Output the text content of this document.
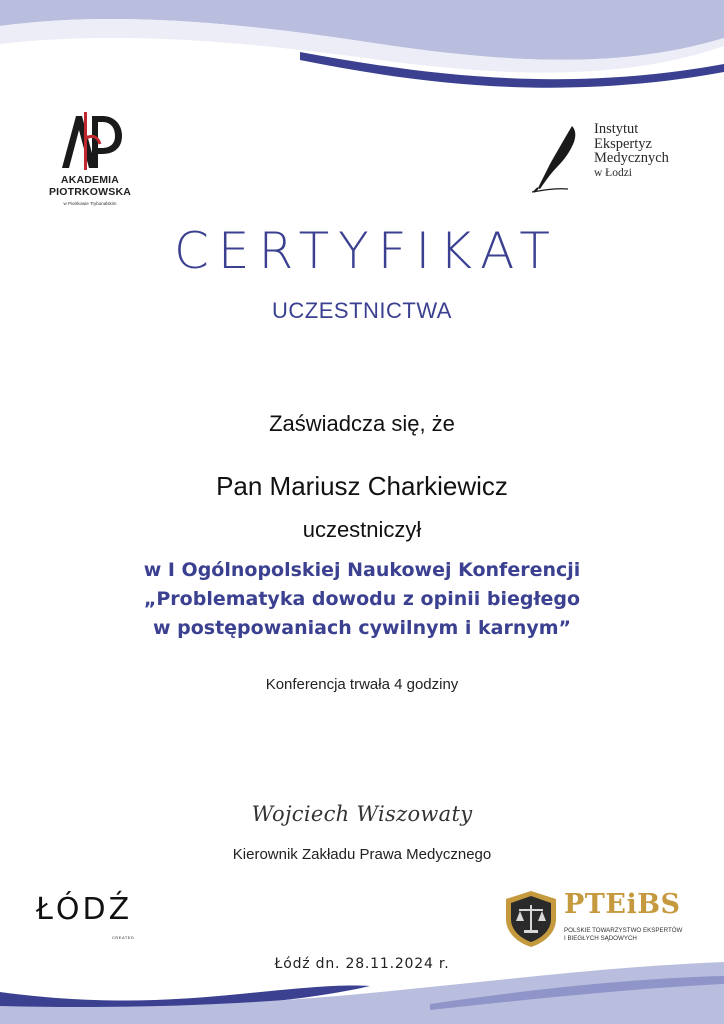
AKADEMIA
PIOTRKOWSKA
w Piotrkowie Trybunalskim
Instytut
Ekspertyz
Medycznych
w Łodzi
CERTYFIKAT
UCZESTNICTWA
Zaświadcza się, że
Pan Mariusz Charkiewicz
uczestniczył
w I Ogólnopolskiej Naukowej Konferencji
„Problematyka dowodu z opinii biegłego
w postępowaniach cywilnym i karnym”
Konferencja trwała 4 godziny
Wojciech Wiszowaty
Kierownik Zakładu Prawa Medycznego
ŁÓDŹ
CREATED
PTEiBS
POLSKIE TOWARZYSTWO EKSPERTÓW
I BIEGŁYCH SĄDOWYCH
Łódź dn. 28.11.2024 r.
